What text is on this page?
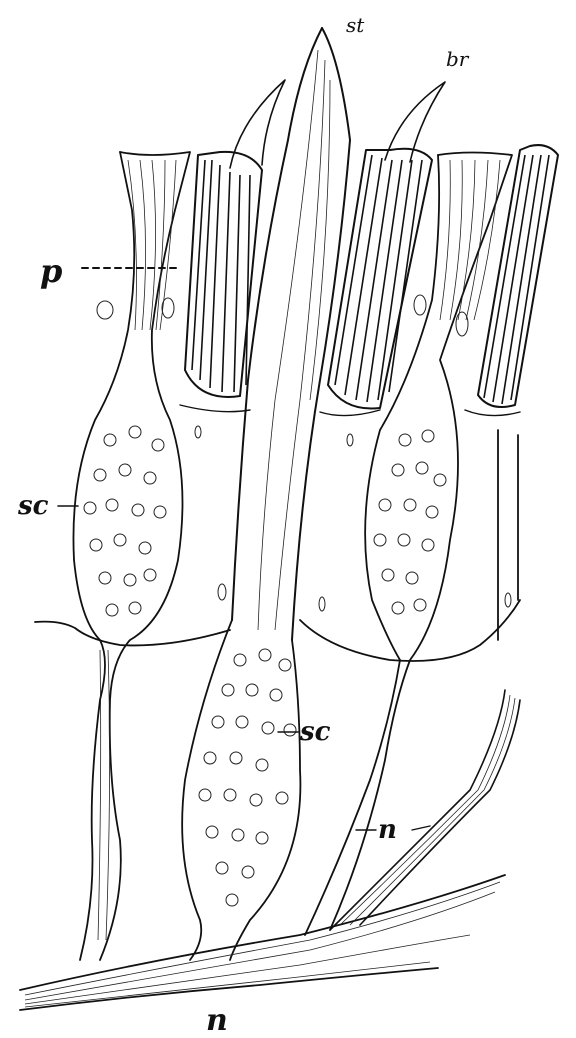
st
br
p
sc
sc
n
n
